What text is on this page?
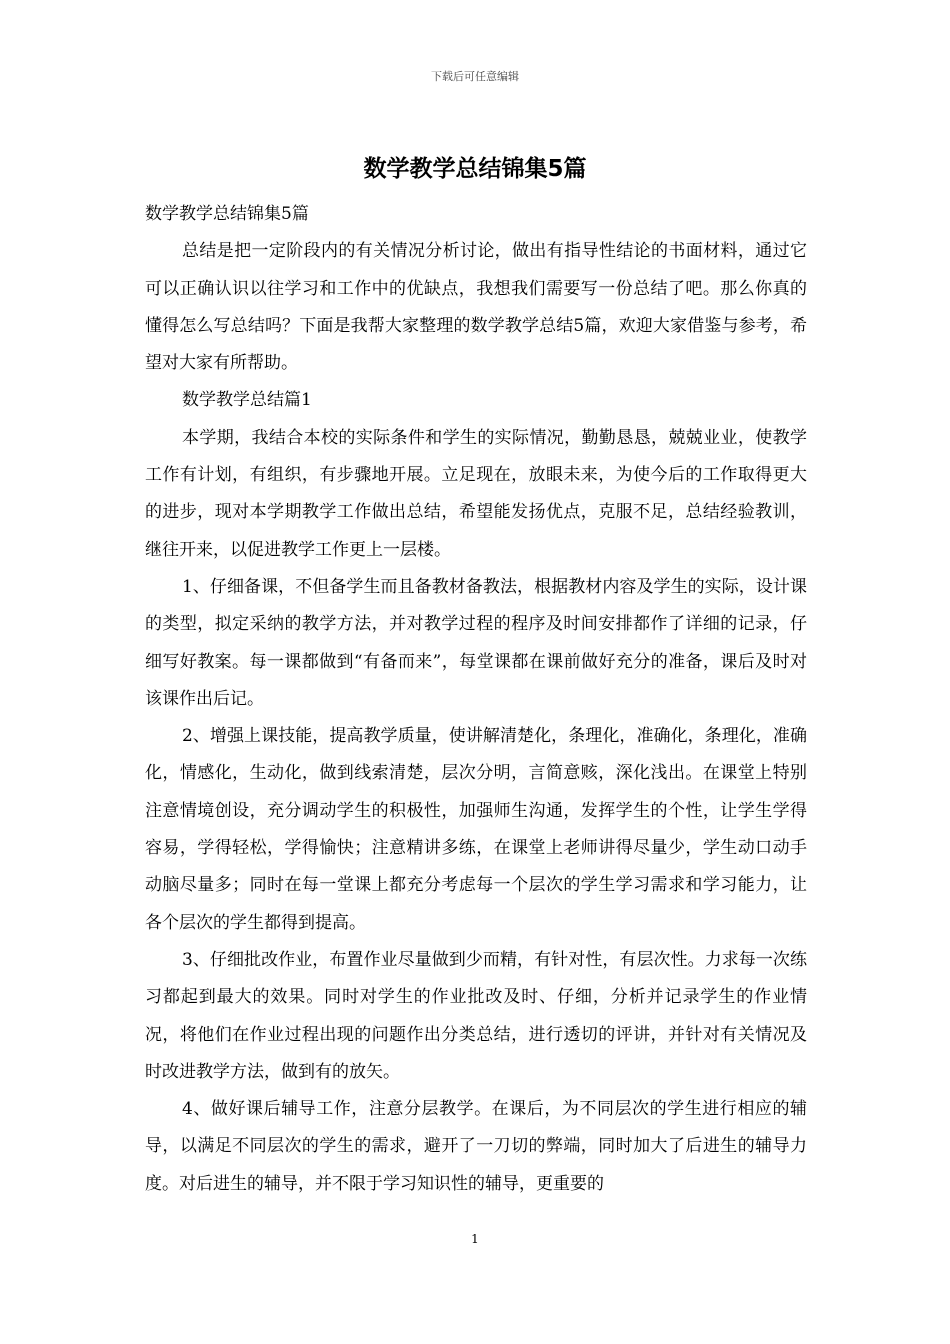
下载后可任意编辑
数学教学总结锦集5篇

数学教学总结锦集5篇

总结是把一定阶段内的有关情况分析讨论，做出有指导性结论的书面材料，通过它可以正确认识以往学习和工作中的优缺点，我想我们需要写一份总结了吧。那么你真的懂得怎么写总结吗？下面是我帮大家整理的数学教学总结5篇，欢迎大家借鉴与参考，希望对大家有所帮助。

数学教学总结篇1

本学期，我结合本校的实际条件和学生的实际情况，勤勤恳恳，兢兢业业，使教学工作有计划，有组织，有步骤地开展。立足现在，放眼未来，为使今后的工作取得更大的进步，现对本学期教学工作做出总结，希望能发扬优点，克服不足，总结经验教训，继往开来，以促进教学工作更上一层楼。

1、仔细备课，不但备学生而且备教材备教法，根据教材内容及学生的实际，设计课的类型，拟定采纳的教学方法，并对教学过程的程序及时间安排都作了详细的记录，仔细写好教案。每一课都做到“有备而来”，每堂课都在课前做好充分的准备，课后及时对该课作出后记。

2、增强上课技能，提高教学质量，使讲解清楚化，条理化，准确化，条理化，准确化，情感化，生动化，做到线索清楚，层次分明，言简意赅，深化浅出。在课堂上特别注意情境创设，充分调动学生的积极性，加强师生沟通，发挥学生的个性，让学生学得容易，学得轻松，学得愉快；注意精讲多练，在课堂上老师讲得尽量少，学生动口动手动脑尽量多；同时在每一堂课上都充分考虑每一个层次的学生学习需求和学习能力，让各个层次的学生都得到提高。

3、仔细批改作业，布置作业尽量做到少而精，有针对性，有层次性。力求每一次练习都起到最大的效果。同时对学生的作业批改及时、仔细，分析并记录学生的作业情况，将他们在作业过程出现的问题作出分类总结，进行透切的评讲，并针对有关情况及时改进教学方法，做到有的放矢。

4、做好课后辅导工作，注意分层教学。在课后，为不同层次的学生进行相应的辅导，以满足不同层次的学生的需求，避开了一刀切的弊端，同时加大了后进生的辅导力度。对后进生的辅导，并不限于学习知识性的辅导，更重要的

1
